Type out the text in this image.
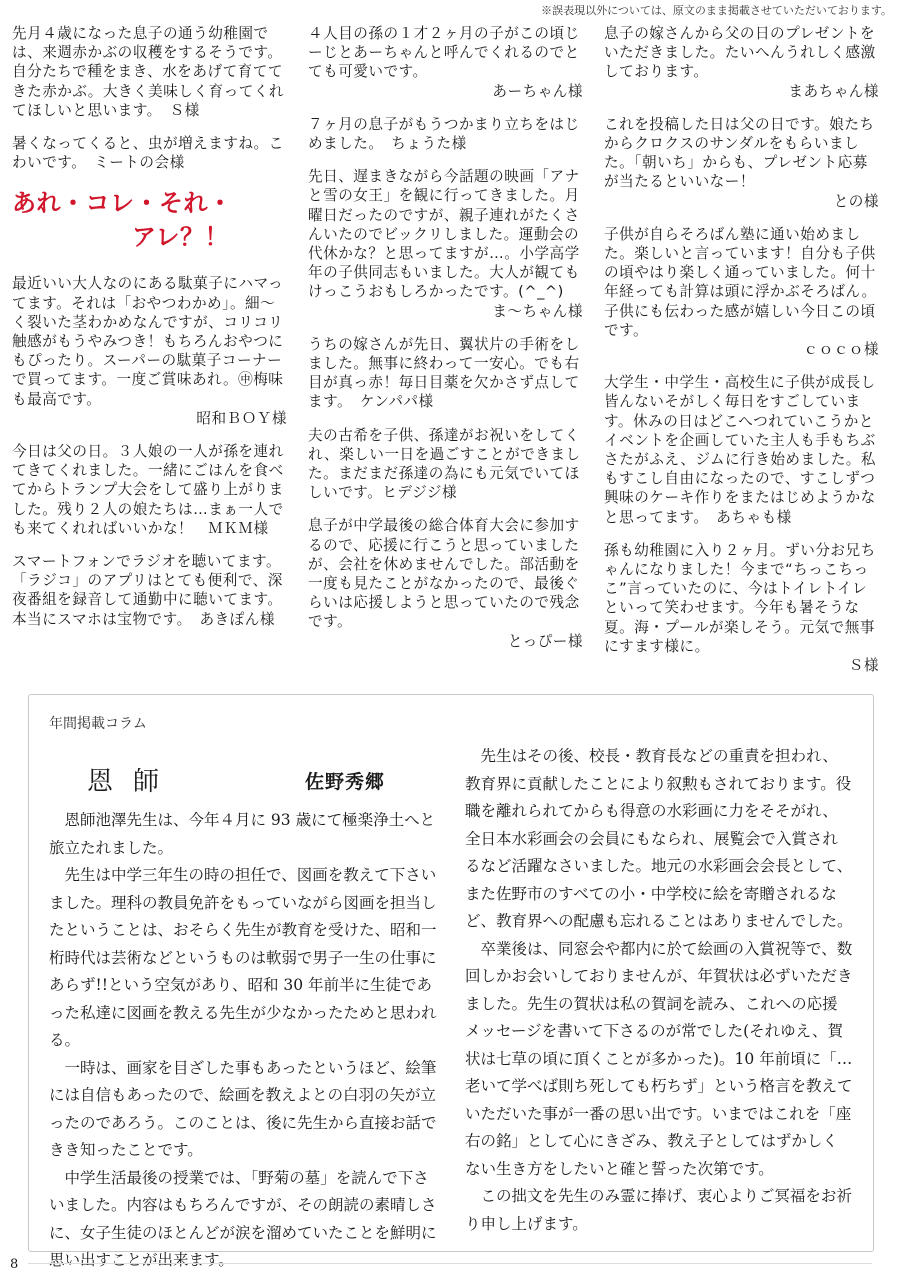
※誤表現以外については、原文のまま掲載させていただいております。
先月４歳になった息子の通う幼稚園では、来週赤かぶの収穫をするそうです。自分たちで種をまき、水をあげて育ててきた赤かぶ。大きく美味しく育ってくれてほしいと思います。　Ｓ様
暑くなってくると、虫が増えますね。こわいです。　ミートの会様
あれ・コレ・それ・
アレ？！
最近いい大人なのにある駄菓子にハマってます。それは「おやつわかめ」。細〜く裂いた茎わかめなんですが、コリコリ触感がもうやみつき！もちろんおやつにもぴったり。スーパーの駄菓子コーナーで買ってます。一度ご賞味あれ。㊥梅味も最高です。
昭和ＢＯＹ様
今日は父の日。３人娘の一人が孫を連れてきてくれました。一緒にごはんを食べてからトランプ大会をして盛り上がりました。残り２人の娘たちは…まぁ一人でも来てくれればいいかな！　ＭＫＭ様
スマートフォンでラジオを聴いてます。「ラジコ」のアプリはとても便利で、深夜番組を録音して通勤中に聴いてます。本当にスマホは宝物です。　あきぽん様
４人目の孫の１才２ヶ月の子がこの頃じーじとあーちゃんと呼んでくれるのでとても可愛いです。
あーちゃん様
７ヶ月の息子がもうつかまり立ちをはじめました。　ちょうた様
先日、遅まきながら今話題の映画「アナと雪の女王」を観に行ってきました。月曜日だったのですが、親子連れがたくさんいたのでビックリしました。運動会の代休かな？と思ってますが…。小学高学年の子供同志もいました。大人が観てもけっこうおもしろかったです。(^_^)
ま〜ちゃん様
うちの嫁さんが先日、翼状片の手術をしました。無事に終わって一安心。でも右目が真っ赤！毎日目薬を欠かさず点してます。　ケンパパ様
夫の古希を子供、孫達がお祝いをしてくれ、楽しい一日を過ごすことができました。まだまだ孫達の為にも元気でいてほしいです。ヒデジジ様
息子が中学最後の総合体育大会に参加するので、応援に行こうと思っていましたが、会社を休めませんでした。部活動を一度も見たことがなかったので、最後ぐらいは応援しようと思っていたので残念です。
とっぴー様
息子の嫁さんから父の日のプレゼントをいただきました。たいへんうれしく感激しております。
まあちゃん様
これを投稿した日は父の日です。娘たちからクロクスのサンダルをもらいました。「朝いち」からも、プレゼント応募が当たるといいなー！
との様
子供が自らそろばん塾に通い始めました。楽しいと言っています！自分も子供の頃やはり楽しく通っていました。何十年経っても計算は頭に浮かぶそろばん。子供にも伝わった感が嬉しい今日この頃です。
ｃｏｃｏ様
大学生・中学生・高校生に子供が成長し皆んないそがしく毎日をすごしています。休みの日はどこへつれていこうかとイベントを企画していた主人も手もちぶさたがふえ、ジムに行き始めました。私もすこし自由になったので、すこしずつ興味のケーキ作りをまたはじめようかなと思ってます。　あちゃも様
孫も幼稚園に入り２ヶ月。ずい分お兄ちゃんになりました！今まで“ちっこちっこ”言っていたのに、今はトイレトイレといって笑わせます。今年も暑そうな夏。海・プールが楽しそう。元気で無事にすます様に。
Ｓ様
年間掲載コラム
恩師	佐野秀郷

恩師池澤先生は、今年４月に 93 歳にて極楽浄土へと旅立たれました。

先生は中学三年生の時の担任で、図画を教えて下さいました。理科の教員免許をもっていながら図画を担当したということは、おそらく先生が教育を受けた、昭和一桁時代は芸術などというものは軟弱で男子一生の仕事にあらず!!という空気があり、昭和 30 年前半に生徒であった私達に図画を教える先生が少なかったためと思われる。

一時は、画家を目ざした事もあったというほど、絵筆には自信もあったので、絵画を教えよとの白羽の矢が立ったのであろう。このことは、後に先生から直接お話できき知ったことです。

中学生活最後の授業では、「野菊の墓」を読んで下さいました。内容はもちろんですが、その朗読の素晴しさに、女子生徒のほとんどが涙を溜めていたことを鮮明に思い出すことが出来ます。

先生はその後、校長・教育長などの重責を担われ、教育界に貢献したことにより叙勲もされております。役職を離れられてからも得意の水彩画に力をそそがれ、全日本水彩画会の会員にもなられ、展覧会で入賞されるなど活躍なさいました。地元の水彩画会会長として、また佐野市のすべての小・中学校に絵を寄贈されるなど、教育界への配慮も忘れることはありませんでした。

卒業後は、同窓会や都内に於て絵画の入賞祝等で、数回しかお会いしておりませんが、年賀状は必ずいただきました。先生の賀状は私の賀詞を読み、これへの応援メッセージを書いて下さるのが常でした(それゆえ、賀状は七草の頃に頂くことが多かった)。10 年前頃に「…老いて学べば則ち死しても朽ちず」という格言を教えていただいた事が一番の思い出です。いまではこれを「座右の銘」として心にきざみ、教え子としてはずかしくない生き方をしたいと確と誓った次第です。

この拙文を先生のみ霊に捧げ、衷心よりご冥福をお祈り申し上げます。

8
